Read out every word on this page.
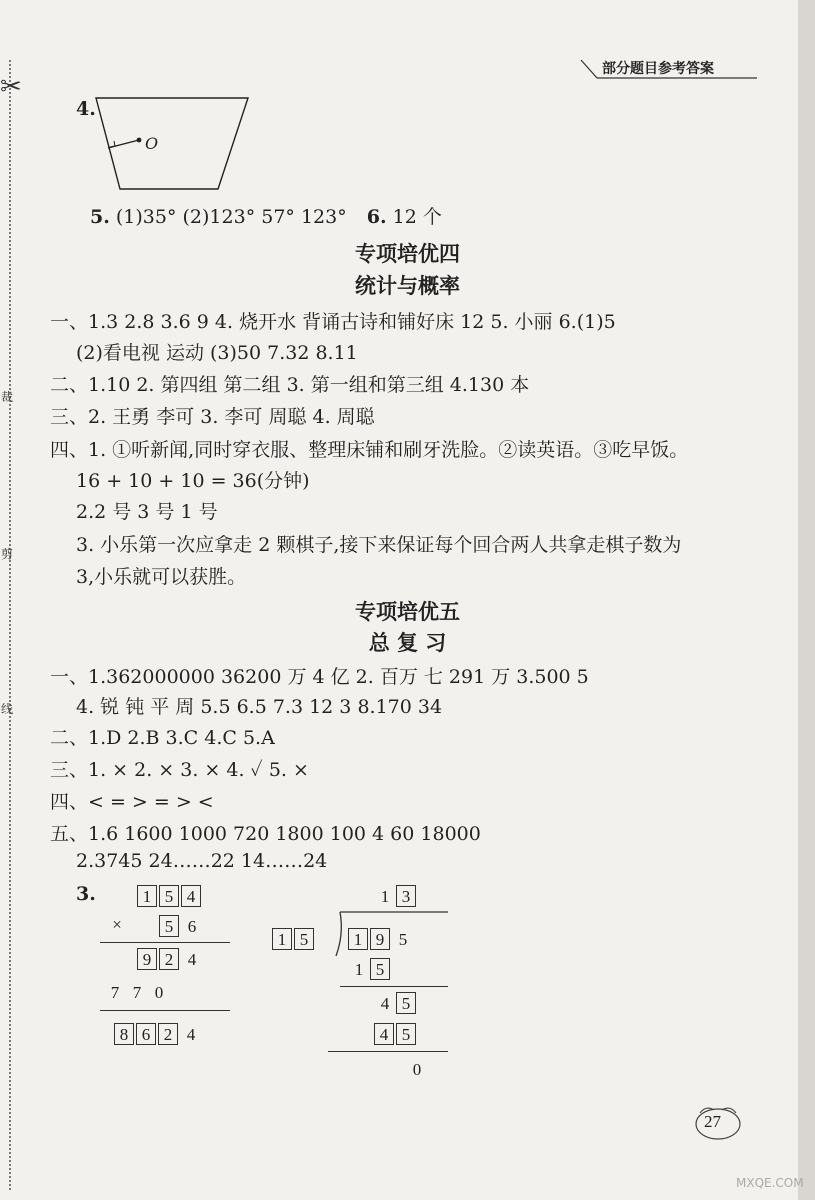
✂
裁
剪
线
部分题目参考答案
4.
O
5. (1)35° (2)123° 57° 123° 6. 12 个
专项培优四
统计与概率
一、1.3 2.8 3.6 9 4. 烧开水 背诵古诗和铺好床 12 5. 小丽 6.(1)5
(2)看电视 运动 (3)50 7.32 8.11
二、1.10 2. 第四组 第二组 3. 第一组和第三组 4.130 本
三、2. 王勇 李可 3. 李可 周聪 4. 周聪
四、1. ①听新闻,同时穿衣服、整理床铺和刷牙洗脸。②读英语。③吃早饭。
16 + 10 + 10 = 36(分钟)
2.2 号 3 号 1 号
3. 小乐第一次应拿走 2 颗棋子,接下来保证每个回合两人共拿走棋子数为
3,小乐就可以获胜。
专项培优五
总 复 习
一、1.362000000 36200 万 4 亿 2. 百万 七 291 万 3.500 5
4. 锐 钝 平 周 5.5 6.5 7.3 12 3 8.170 34
二、1.D 2.B 3.C 4.C 5.A
三、1. × 2. × 3. × 4. ✓ 5. ×
四、< = > = > <
五、1.6 1600 1000 720 1800 100 4 60 18000
2.3745 24……22 14……24
3.	1 5 4
×	5 6
9 2 4
7 7 0
8 6 2 4
1 3
1 5	1 9 5
1 5
4 5
4 5
0
27
MXQE.COM
